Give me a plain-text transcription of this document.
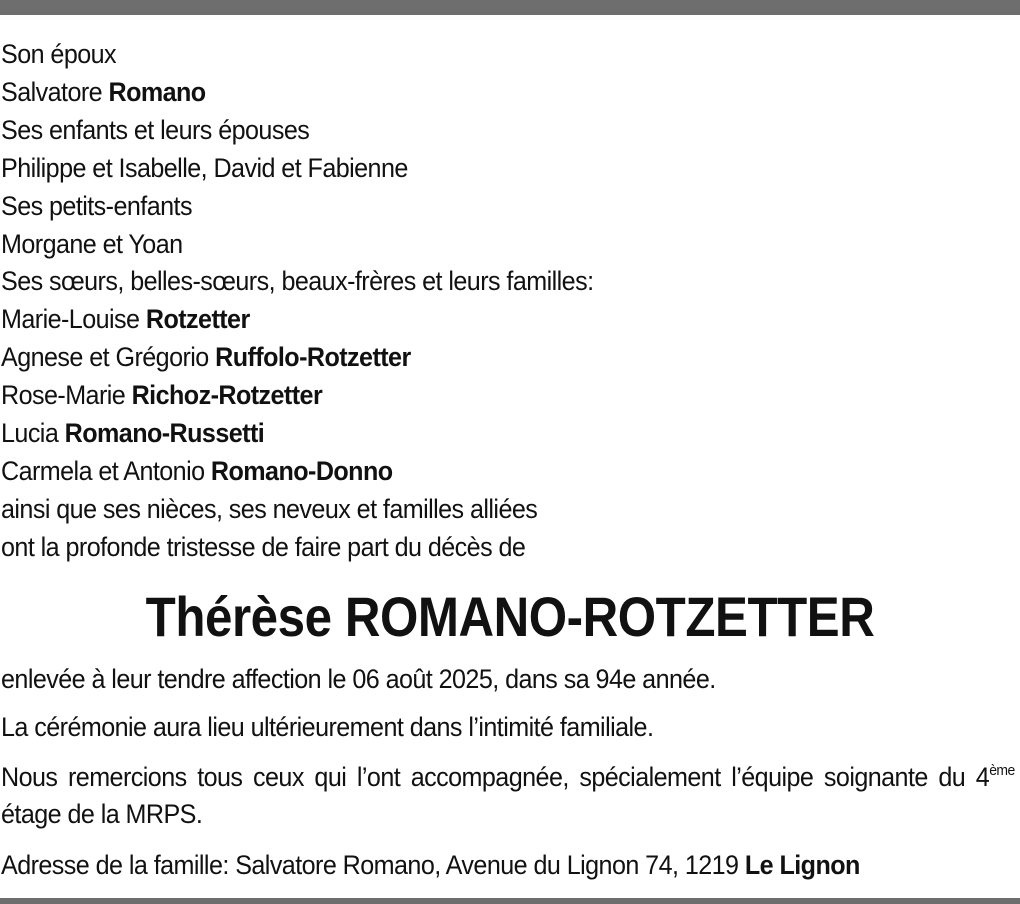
Son époux
Salvatore Romano
Ses enfants et leurs épouses
Philippe et Isabelle, David et Fabienne
Ses petits-enfants
Morgane et Yoan
Ses sœurs, belles-sœurs, beaux-frères et leurs familles:
Marie-Louise Rotzetter
Agnese et Grégorio Ruffolo-Rotzetter
Rose-Marie Richoz-Rotzetter
Lucia Romano-Russetti
Carmela et Antonio Romano-Donno
ainsi que ses nièces, ses neveux et familles alliées
ont la profonde tristesse de faire part du décès de
Thérèse ROMANO-ROTZETTER
enlevée à leur tendre affection le 06 août 2025, dans sa 94e année.
La cérémonie aura lieu ultérieurement dans l’intimité familiale.
Nous remercions tous ceux qui l’ont accompagnée, spécialement l’équipe soignante du 4ème étage de la MRPS.
Adresse de la famille: Salvatore Romano, Avenue du Lignon 74, 1219 Le Lignon
